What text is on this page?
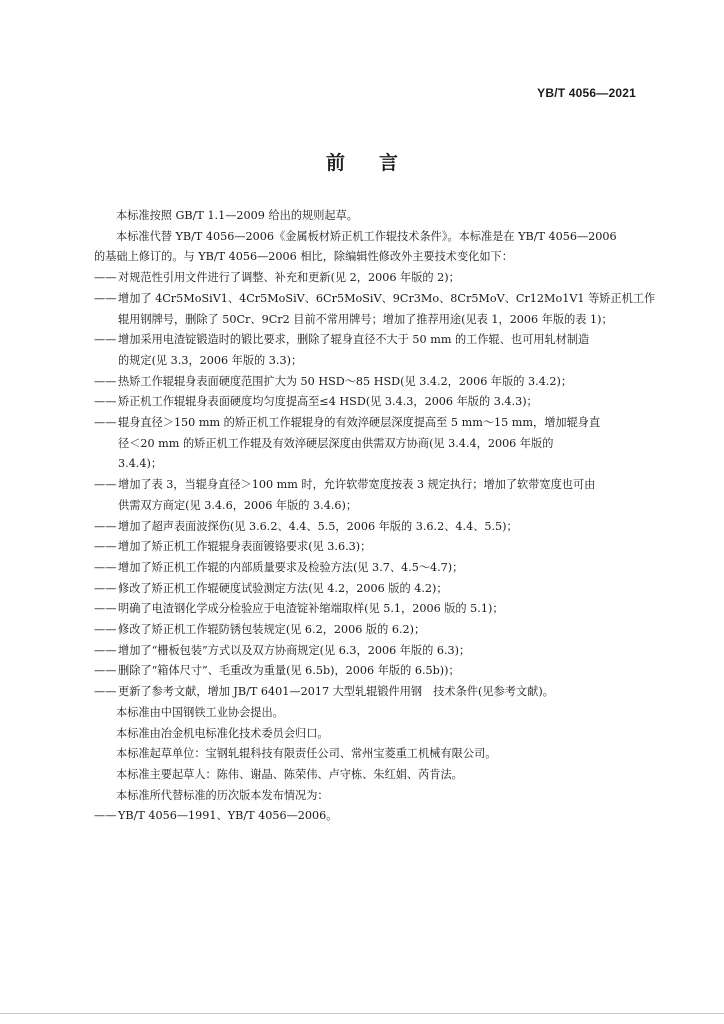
YB/T 4056—2021
前言

本标准按照 GB/T 1.1—2009 给出的规则起草。

本标准代替 YB/T 4056—2006《金属板材矫正机工作辊技术条件》。本标准是在 YB/T 4056—2006

的基础上修订的。与 YB/T 4056—2006 相比，除编辑性修改外主要技术变化如下：

—— 对规范性引用文件进行了调整、补充和更新(见 2，2006 年版的 2)；
—— 增加了 4Cr5MoSiV1、4Cr5MoSiV、6Cr5MoSiV、9Cr3Mo、8Cr5MoV、Cr12Mo1V1 等矫正机工作
辊用钢牌号，删除了 50Cr、9Cr2 目前不常用牌号；增加了推荐用途(见表 1，2006 年版的表 1)；
—— 增加采用电渣锭锻造时的锻比要求，删除了辊身直径不大于 50 mm 的工作辊、也可用轧材制造
的规定(见 3.3，2006 年版的 3.3)；
—— 热矫工作辊辊身表面硬度范围扩大为 50 HSD～85 HSD(见 3.4.2，2006 年版的 3.4.2)；
—— 矫正机工作辊辊身表面硬度均匀度提高至≤4 HSD(见 3.4.3，2006 年版的 3.4.3)；
—— 辊身直径＞150 mm 的矫正机工作辊辊身的有效淬硬层深度提高至 5 mm～15 mm，增加辊身直
径＜20 mm 的矫正机工作辊及有效淬硬层深度由供需双方协商(见 3.4.4，2006 年版的
3.4.4)；
—— 增加了表 3，当辊身直径＞100 mm 时，允许软带宽度按表 3 规定执行；增加了软带宽度也可由
供需双方商定(见 3.4.6，2006 年版的 3.4.6)；
—— 增加了超声表面波探伤(见 3.6.2、4.4、5.5，2006 年版的 3.6.2、4.4、5.5)；
—— 增加了矫正机工作辊辊身表面镀铬要求(见 3.6.3)；
—— 增加了矫正机工作辊的内部质量要求及检验方法(见 3.7、4.5～4.7)；
—— 修改了矫正机工作辊硬度试验测定方法(见 4.2，2006 版的 4.2)；
—— 明确了电渣钢化学成分检验应于电渣锭补缩端取样(见 5.1，2006 版的 5.1)；
—— 修改了矫正机工作辊防锈包装规定(见 6.2，2006 版的 6.2)；
—— 增加了“栅板包装”方式以及双方协商规定(见 6.3，2006 年版的 6.3)；
—— 删除了“箱体尺寸”、毛重改为重量(见 6.5b)，2006 年版的 6.5b))；
—— 更新了参考文献，增加 JB/T 6401—2017 大型轧辊锻件用钢　技术条件(见参考文献)。

本标准由中国钢铁工业协会提出。

本标准由冶金机电标准化技术委员会归口。

本标准起草单位：宝钢轧辊科技有限责任公司、常州宝菱重工机械有限公司。

本标准主要起草人：陈伟、谢晶、陈荣伟、卢守栋、朱红娟、芮肯法。

本标准所代替标准的历次版本发布情况为：

—— YB/T 4056—1991、YB/T 4056—2006。
